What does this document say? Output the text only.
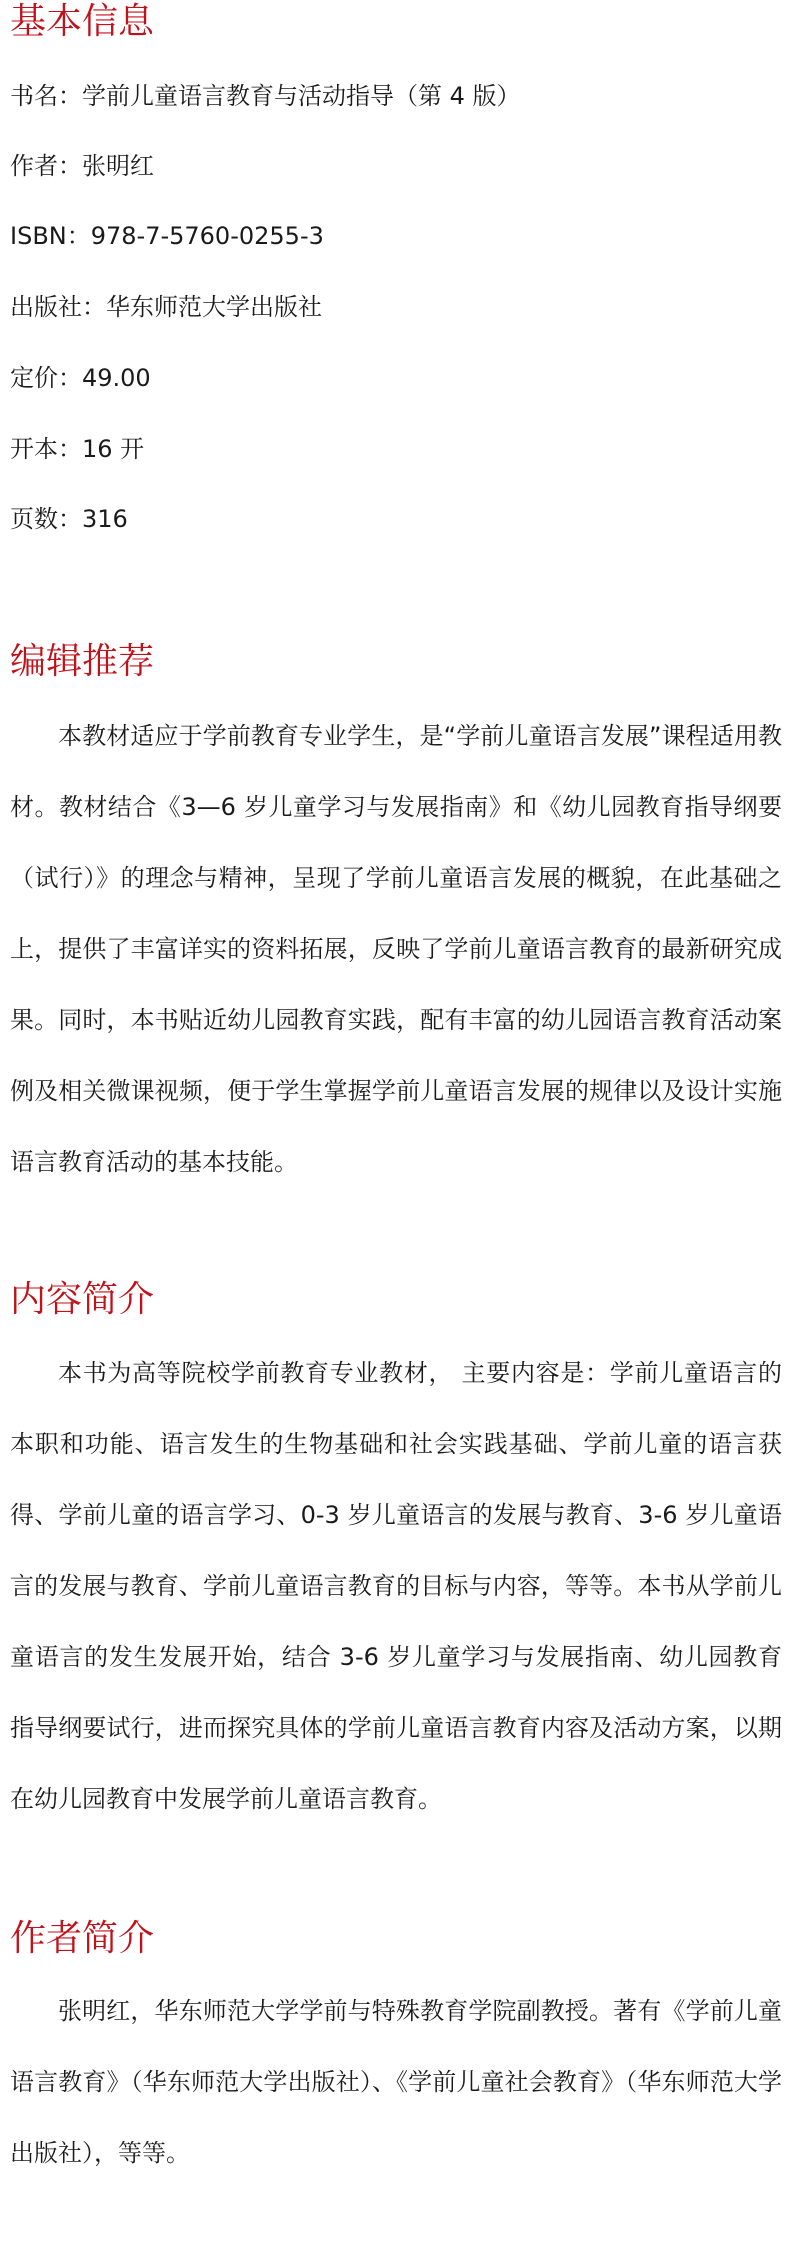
基本信息

书名：学前儿童语言教育与活动指导（第 4 版）

作者：张明红

ISBN：978-7-5760-0255-3

出版社：华东师范大学出版社

定价：49.00

开本：16 开

页数：316

编辑推荐

本教材适应于学前教育专业学生，是“学前儿童语言发展”课程适用教材。教材结合《3—6 岁儿童学习与发展指南》和《幼儿园教育指导纲要（试行）》的理念与精神，呈现了学前儿童语言发展的概貌，在此基础之上，提供了丰富详实的资料拓展，反映了学前儿童语言教育的最新研究成果。同时，本书贴近幼儿园教育实践，配有丰富的幼儿园语言教育活动案例及相关微课视频，便于学生掌握学前儿童语言发展的规律以及设计实施语言教育活动的基本技能。

内容简介

本书为高等院校学前教育专业教材， 主要内容是：学前儿童语言的本职和功能、语言发生的生物基础和社会实践基础、学前儿童的语言获得、学前儿童的语言学习、0-3 岁儿童语言的发展与教育、3-6 岁儿童语言的发展与教育、学前儿童语言教育的目标与内容，等等。本书从学前儿童语言的发生发展开始，结合 3-6 岁儿童学习与发展指南、幼儿园教育指导纲要试行，进而探究具体的学前儿童语言教育内容及活动方案，以期在幼儿园教育中发展学前儿童语言教育。

作者简介

张明红，华东师范大学学前与特殊教育学院副教授。著有《学前儿童语言教育》（华东师范大学出版社）、《学前儿童社会教育》（华东师范大学出版社），等等。
